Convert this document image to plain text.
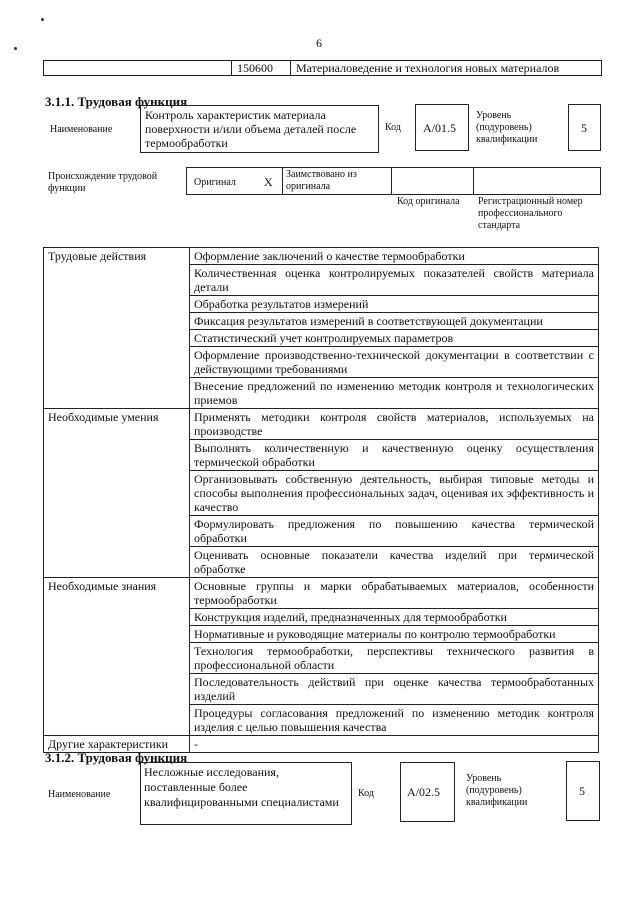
6
150600 Материаловедение и технология новых материалов
3.1.1. Трудовая функция
Наименование
Контроль характеристик материала поверхности и/или объема деталей после термообработки
Код A/01.5
Уровень (подуровень) квалификации
5
Происхождение трудовой функции
Оригинал X
Заимствовано из оригинала
Код оригинала Регистрационный номер профессионального стандарта
Трудовые действия	Оформление заключений о качестве термообработки
	Количественная оценка контролируемых показателей свойств материала детали
	Обработка результатов измерений
	Фиксация результатов измерений в соответствующей документации
	Статистический учет контролируемых параметров
	Оформление производственно-технической документации в соответствии с действующими требованиями
	Внесение предложений по изменению методик контроля и технологических приемов
Необходимые умения	Применять методики контроля свойств материалов, используемых на производстве
	Выполнять количественную и качественную оценку осуществления термической обработки
	Организовывать собственную деятельность, выбирая типовые методы и способы выполнения профессиональных задач, оценивая их эффективность и качество
	Формулировать предложения по повышению качества термической обработки
	Оценивать основные показатели качества изделий при термической обработке
Необходимые знания	Основные группы и марки обрабатываемых материалов, особенности термообработки
	Конструкция изделий, предназначенных для термообработки
	Нормативные и руководящие материалы по контролю термообработки
	Технология термообработки, перспективы технического развития в профессиональной области
	Последовательность действий при оценке качества термообработанных изделий
	Процедуры согласования предложений по изменению методик контроля изделия с целью повышения качества
Другие характеристики	-
3.1.2. Трудовая функция
Наименование
Несложные исследования, поставленные более квалифицированными специалистами
Код	A/02.5
Уровень (подуровень) квалификации
5
